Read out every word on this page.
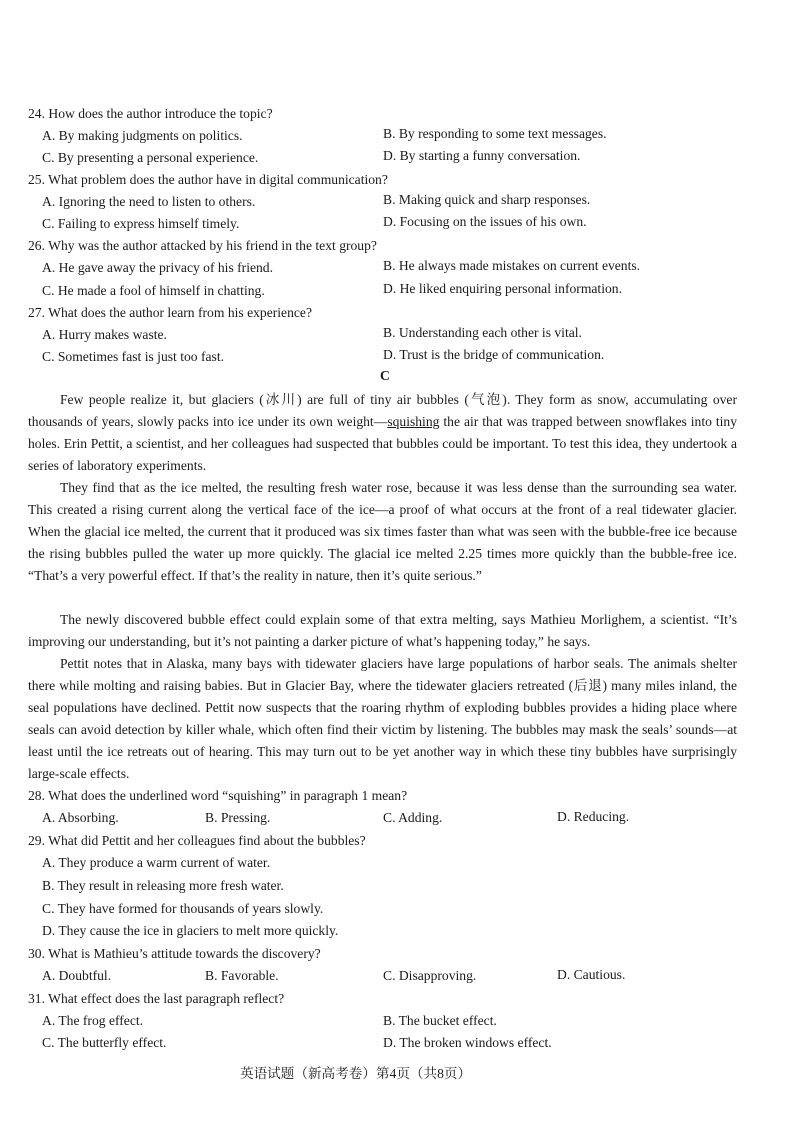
24. How does the author introduce the topic?
A. By making judgments on politics.	B. By responding to some text messages.
C. By presenting a personal experience.	D. By starting a funny conversation.
25. What problem does the author have in digital communication?
A. Ignoring the need to listen to others.	B. Making quick and sharp responses.
C. Failing to express himself timely.	D. Focusing on the issues of his own.
26. Why was the author attacked by his friend in the text group?
A. He gave away the privacy of his friend.	B. He always made mistakes on current events.
C. He made a fool of himself in chatting.	D. He liked enquiring personal information.
27. What does the author learn from his experience?
A. Hurry makes waste.	B. Understanding each other is vital.
C. Sometimes fast is just too fast.	D. Trust is the bridge of communication.
C
Few people realize it, but glaciers (冰川) are full of tiny air bubbles (气泡). They form as snow, accumulating over thousands of years, slowly packs into ice under its own weight—squishing the air that was trapped between snowflakes into tiny holes. Erin Pettit, a scientist, and her colleagues had suspected that bubbles could be important. To test this idea, they undertook a series of laboratory experiments.
They find that as the ice melted, the resulting fresh water rose, because it was less dense than the surrounding sea water. This created a rising current along the vertical face of the ice—a proof of what occurs at the front of a real tidewater glacier. When the glacial ice melted, the current that it produced was six times faster than what was seen with the bubble-free ice because the rising bubbles pulled the water up more quickly. The glacial ice melted 2.25 times more quickly than the bubble-free ice. “That’s a very powerful effect. If that’s the reality in nature, then it’s quite serious.”
The newly discovered bubble effect could explain some of that extra melting, says Mathieu Morlighem, a scientist. “It’s improving our understanding, but it’s not painting a darker picture of what’s happening today,” he says.
Pettit notes that in Alaska, many bays with tidewater glaciers have large populations of harbor seals. The animals shelter there while molting and raising babies. But in Glacier Bay, where the tidewater glaciers retreated (后退) many miles inland, the seal populations have declined. Pettit now suspects that the roaring rhythm of exploding bubbles provides a hiding place where seals can avoid detection by killer whale, which often find their victim by listening. The bubbles may mask the seals’ sounds—at least until the ice retreats out of hearing. This may turn out to be yet another way in which these tiny bubbles have surprisingly large-scale effects.
28. What does the underlined word “squishing” in paragraph 1 mean?
A. Absorbing.	B. Pressing.	C. Adding.	D. Reducing.
29. What did Pettit and her colleagues find about the bubbles?
A. They produce a warm current of water.
B. They result in releasing more fresh water.
C. They have formed for thousands of years slowly.
D. They cause the ice in glaciers to melt more quickly.
30. What is Mathieu’s attitude towards the discovery?
A. Doubtful.	B. Favorable.	C. Disapproving.	D. Cautious.
31. What effect does the last paragraph reflect?
A. The frog effect.	B. The bucket effect.
C. The butterfly effect.	D. The broken windows effect.
英语试题（新高考卷）第4页（共8页）
